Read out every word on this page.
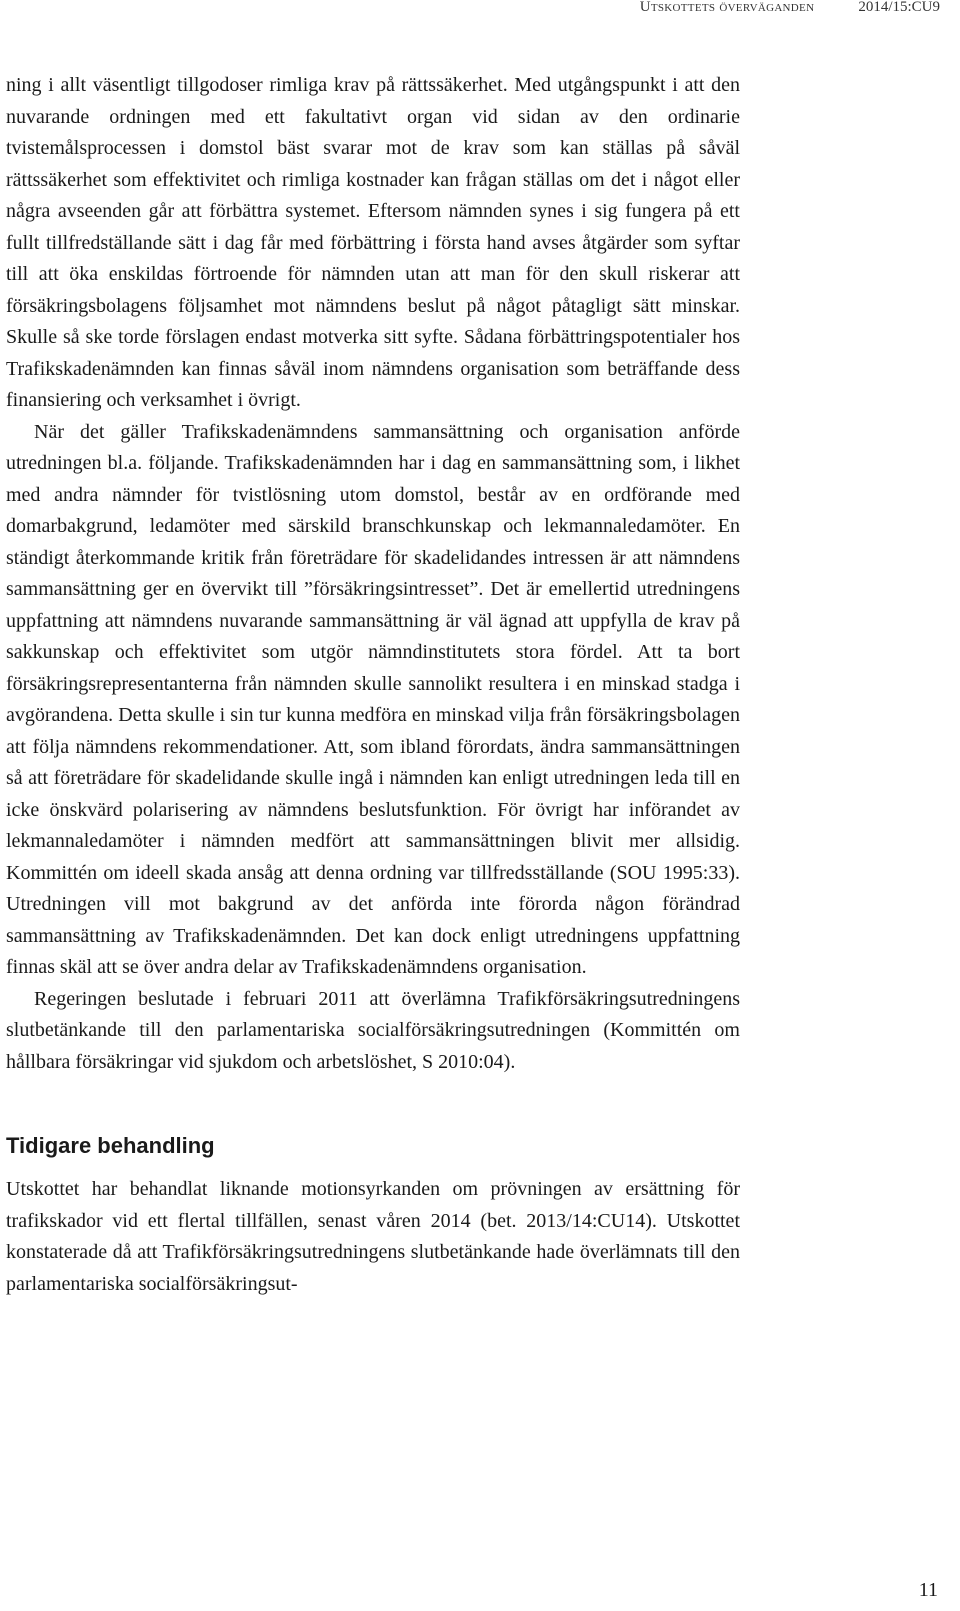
Utskottets överväganden	2014/15:CU9

ning i allt väsentligt tillgodoser rimliga krav på rättssäkerhet. Med utgångspunkt i att den nuvarande ordningen med ett fakultativt organ vid sidan av den ordinarie tvistemålsprocessen i domstol bäst svarar mot de krav som kan ställas på såväl rättssäkerhet som effektivitet och rimliga kostnader kan frågan ställas om det i något eller några avseenden går att förbättra systemet. Eftersom nämnden synes i sig fungera på ett fullt tillfredställande sätt i dag får med förbättring i första hand avses åtgärder som syftar till att öka enskildas förtroende för nämnden utan att man för den skull riskerar att försäkringsbolagens följsamhet mot nämndens beslut på något påtagligt sätt minskar. Skulle så ske torde förslagen endast motverka sitt syfte. Sådana förbättringspotentialer hos Trafikskadenämnden kan finnas såväl inom nämndens organisation som beträffande dess finansiering och verksamhet i övrigt.

När det gäller Trafikskadenämndens sammansättning och organisation anförde utredningen bl.a. följande. Trafikskadenämnden har i dag en sammansättning som, i likhet med andra nämnder för tvistlösning utom domstol, består av en ordförande med domarbakgrund, ledamöter med särskild branschkunskap och lekmannaledamöter. En ständigt återkommande kritik från företrädare för skadelidandes intressen är att nämndens sammansättning ger en övervikt till ”försäkringsintresset”. Det är emellertid utredningens uppfattning att nämndens nuvarande sammansättning är väl ägnad att uppfylla de krav på sakkunskap och effektivitet som utgör nämndinstitutets stora fördel. Att ta bort försäkringsrepresentanterna från nämnden skulle sannolikt resultera i en minskad stadga i avgörandena. Detta skulle i sin tur kunna medföra en minskad vilja från försäkringsbolagen att följa nämndens rekommendationer. Att, som ibland förordats, ändra sammansättningen så att företrädare för skadelidande skulle ingå i nämnden kan enligt utredningen leda till en icke önskvärd polarisering av nämndens beslutsfunktion. För övrigt har införandet av lekmannaledamöter i nämnden medfört att sammansättningen blivit mer allsidig. Kommittén om ideell skada ansåg att denna ordning var tillfredsställande (SOU 1995:33). Utredningen vill mot bakgrund av det anförda inte förorda någon förändrad sammansättning av Trafikskadenämnden. Det kan dock enligt utredningens uppfattning finnas skäl att se över andra delar av Trafikskadenämndens organisation.

Regeringen beslutade i februari 2011 att överlämna Trafikförsäkringsutredningens slutbetänkande till den parlamentariska socialförsäkringsutredningen (Kommittén om hållbara försäkringar vid sjukdom och arbetslöshet, S 2010:04).

Tidigare behandling

Utskottet har behandlat liknande motionsyrkanden om prövningen av ersättning för trafikskador vid ett flertal tillfällen, senast våren 2014 (bet. 2013/14:CU14). Utskottet konstaterade då att Trafikförsäkringsutredningens slutbetänkande hade överlämnats till den parlamentariska socialförsäkringsut-

11
